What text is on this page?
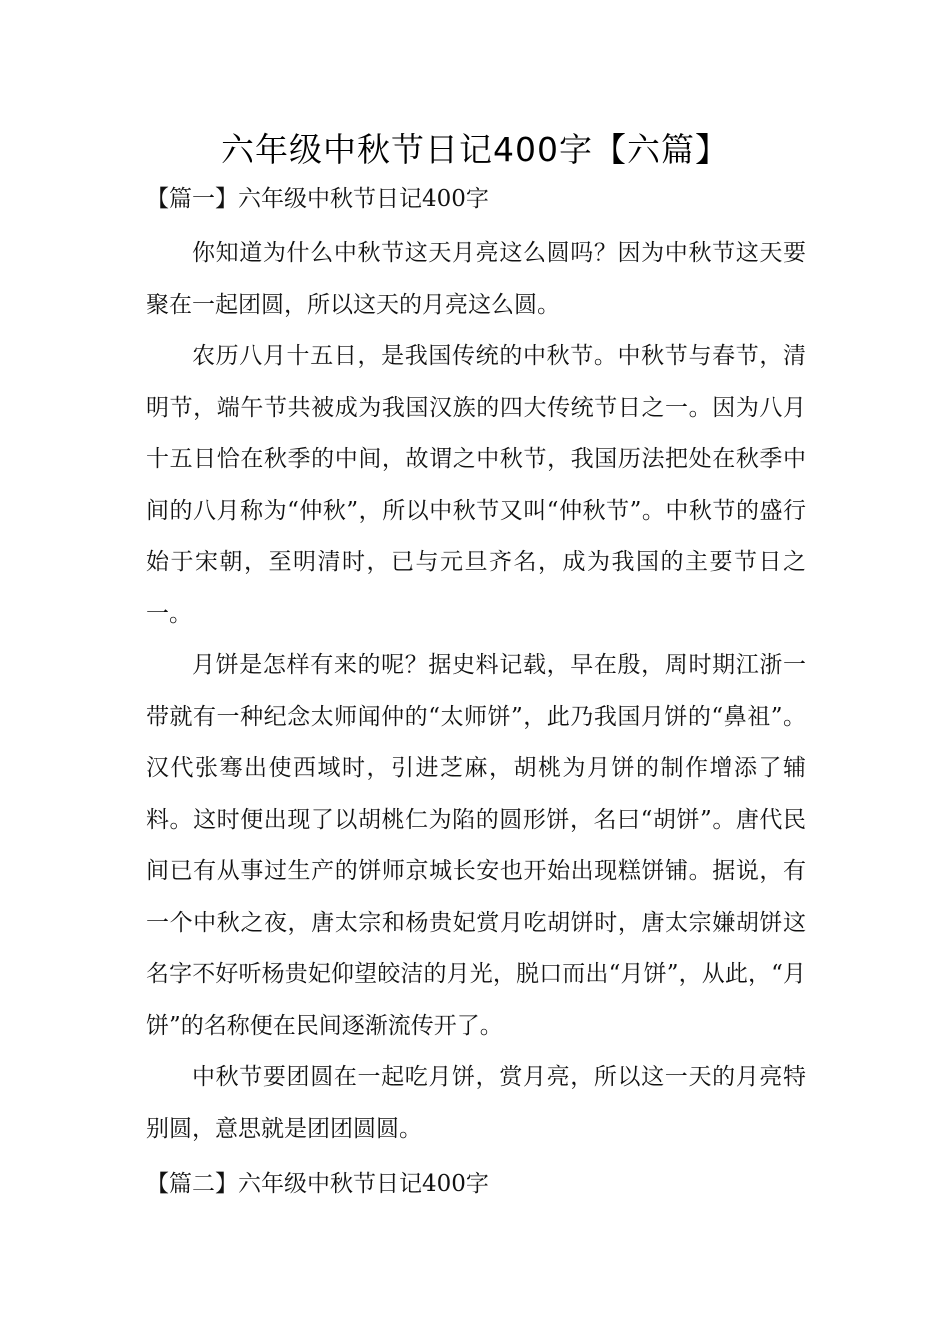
六年级中秋节日记400字【六篇】
【篇一】六年级中秋节日记400字

你知道为什么中秋节这天月亮这么圆吗？因为中秋节这天要聚在一起团圆，所以这天的月亮这么圆。

农历八月十五日，是我国传统的中秋节。中秋节与春节，清明节，端午节共被成为我国汉族的四大传统节日之一。因为八月十五日恰在秋季的中间，故谓之中秋节，我国历法把处在秋季中间的八月称为“仲秋”，所以中秋节又叫“仲秋节”。中秋节的盛行始于宋朝，至明清时，已与元旦齐名，成为我国的主要节日之一。

月饼是怎样有来的呢？据史料记载，早在殷，周时期江浙一带就有一种纪念太师闻仲的“太师饼”，此乃我国月饼的“鼻祖”。汉代张骞出使西域时，引进芝麻，胡桃为月饼的制作增添了辅料。这时便出现了以胡桃仁为陷的圆形饼，名曰“胡饼”。唐代民间已有从事过生产的饼师京城长安也开始出现糕饼铺。据说，有一个中秋之夜，唐太宗和杨贵妃赏月吃胡饼时，唐太宗嫌胡饼这名字不好听杨贵妃仰望皎洁的月光，脱口而出“月饼”，从此，“月饼”的名称便在民间逐渐流传开了。

中秋节要团圆在一起吃月饼，赏月亮，所以这一天的月亮特别圆，意思就是团团圆圆。

【篇二】六年级中秋节日记400字
